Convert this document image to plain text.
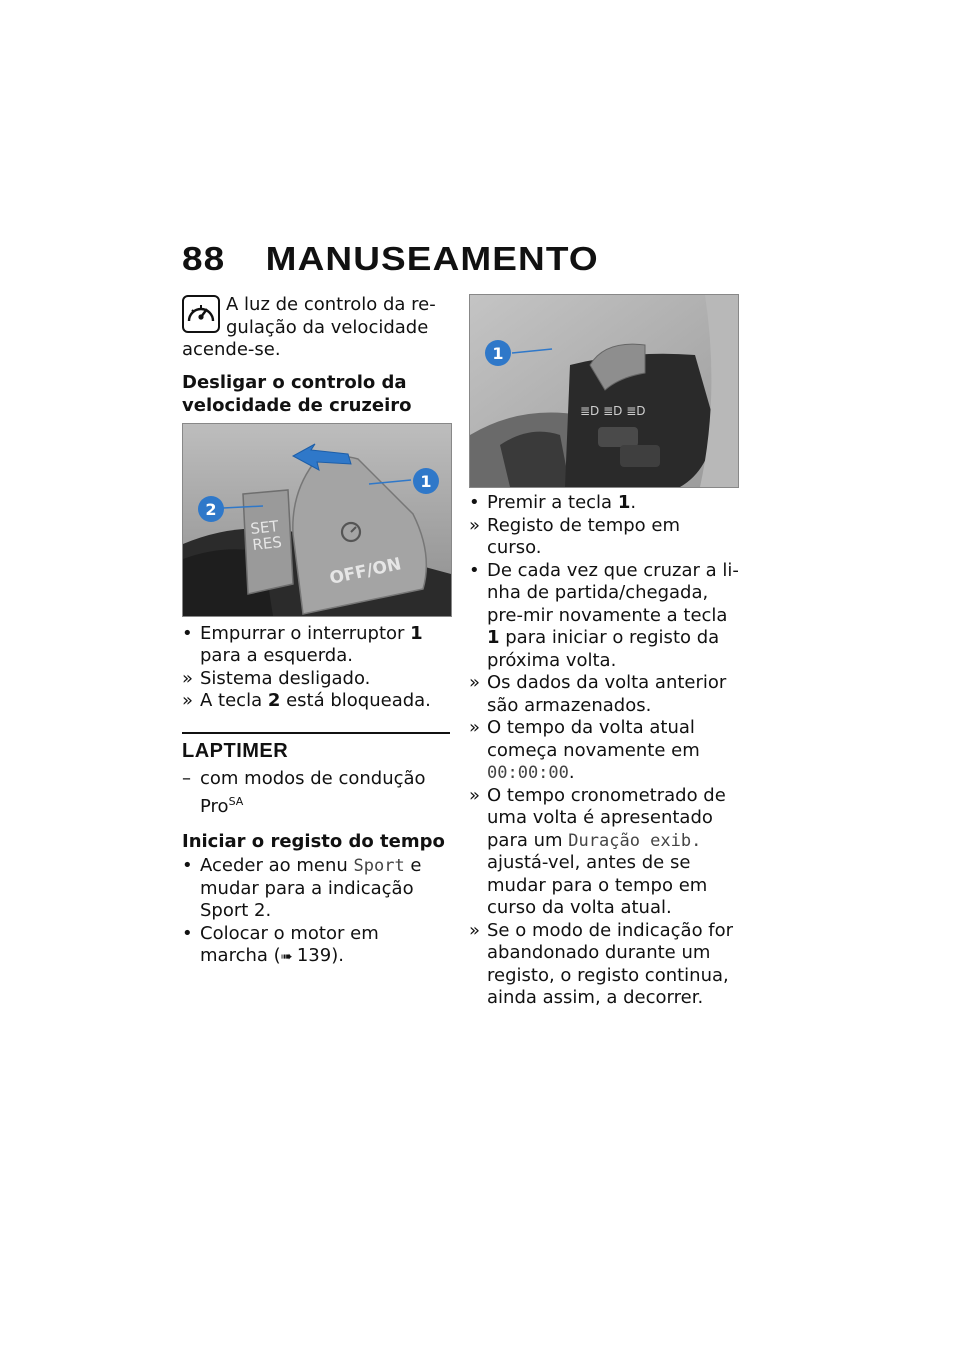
88 MANUSEAMENTO
A luz de controlo da re-
gulação da velocidade
acende-se.
Desligar o controlo da
velocidade de cruzeiro
SET
RES
OFF/ON
1
2

• Empurrar o interruptor 1 para a esquerda.

» Sistema desligado.

» A tecla 2 está bloqueada.

LAPTIMER

– com modos de condução Pro$^{SA}$

Iniciar o registo do tempo

• Aceder ao menu Sport e mudar para a indicação Sport 2.

• Colocar o motor em marcha (➠ 139).

≣D ≣D ≣D
1

• Premir a tecla 1.

» Registo de tempo em curso.

• De cada vez que cruzar a li-nha de partida/chegada, pre-mir novamente a tecla 1 para iniciar o registo da próxima volta.

» Os dados da volta anterior são armazenados.

» O tempo da volta atual começa novamente em 00:00:00.

» O tempo cronometrado de uma volta é apresentado para um Duração exib. ajustá-vel, antes de se mudar para o tempo em curso da volta atual.

» Se o modo de indicação for abandonado durante um registo, o registo continua, ainda assim, a decorrer.
